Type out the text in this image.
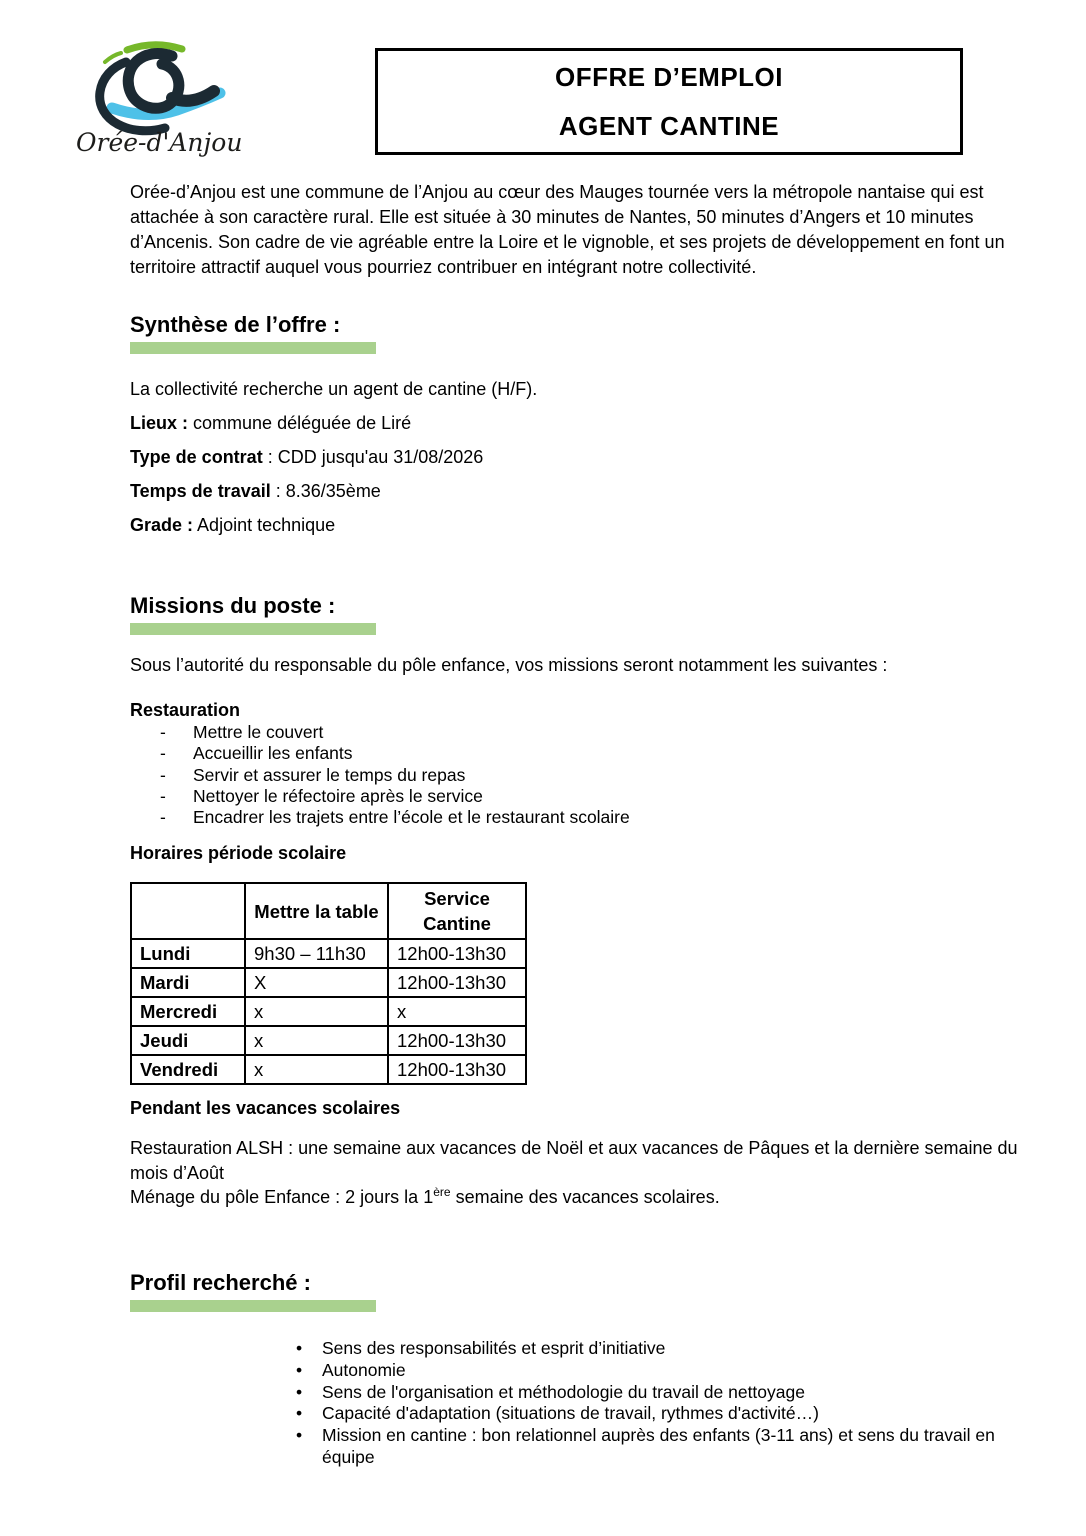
Orée-d'Anjou
OFFRE D’EMPLOI
AGENT CANTINE
Orée-d’Anjou est une commune de l’Anjou au cœur des Mauges tournée vers la métropole nantaise qui est attachée à son caractère rural. Elle est située à 30 minutes de Nantes, 50 minutes d’Angers et 10 minutes d’Ancenis. Son cadre de vie agréable entre la Loire et le vignoble, et ses projets de développement en font un territoire attractif auquel vous pourriez contribuer en intégrant notre collectivité.
Synthèse de l’offre :

La collectivité recherche un agent de cantine (H/F).

Lieux : commune déléguée de Liré

Type de contrat : CDD jusqu'au 31/08/2026

Temps de travail : 8.36/35ème

Grade : Adjoint technique

Missions du poste :
Sous l’autorité du responsable du pôle enfance, vos missions seront notamment les suivantes :
Restauration
-	Mettre le couvert
-	Accueillir les enfants
-	Servir et assurer le temps du repas
-	Nettoyer le réfectoire après le service
-	Encadrer les trajets entre l’école et le restaurant scolaire
Horaires période scolaire
	Mettre la table	Service Cantine
Lundi	9h30 – 11h30	12h00-13h30
Mardi	X	12h00-13h30
Mercredi	x	x
Jeudi	x	12h00-13h30
Vendredi	x	12h00-13h30
Pendant les vacances scolaires
Restauration ALSH : une semaine aux vacances de Noël et aux vacances de Pâques et la dernière semaine du mois d’Août
Ménage du pôle Enfance : 2 jours la 1ère semaine des vacances scolaires.
Profil recherché :
•	Sens des responsabilités et esprit d’initiative
•	Autonomie
•	Sens de l'organisation et méthodologie du travail de nettoyage
•	Capacité d'adaptation (situations de travail, rythmes d'activité…)
•	Mission en cantine : bon relationnel auprès des enfants (3-11 ans) et sens du travail en équipe
